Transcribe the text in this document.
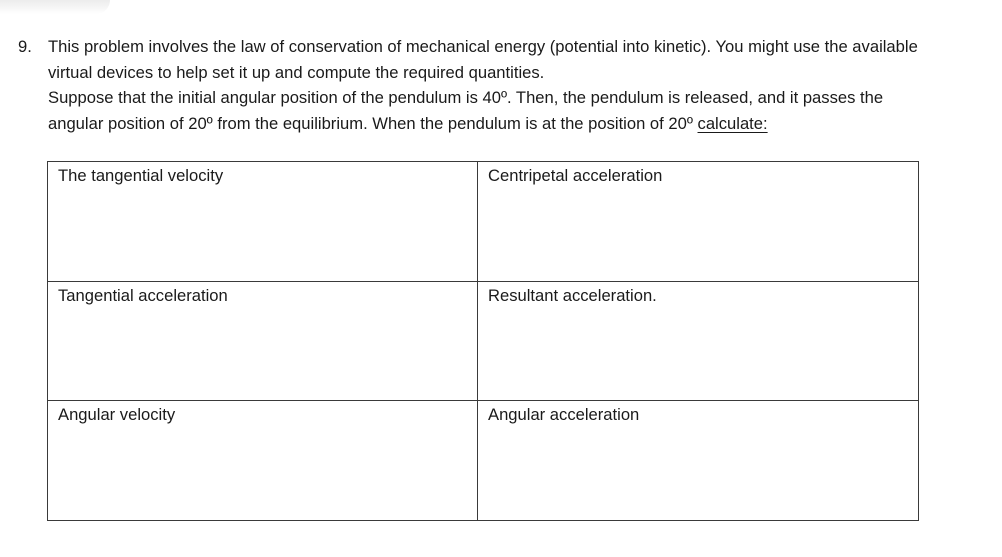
9. This problem involves the law of conservation of mechanical energy (potential into kinetic). You might use the available
virtual devices to help set it up and compute the required quantities.
Suppose that the initial angular position of the pendulum is 40º. Then, the pendulum is released, and it passes the
angular position of 20º from the equilibrium. When the pendulum is at the position of 20º calculate:
The tangential velocity	Centripetal acceleration
Tangential acceleration	Resultant acceleration.
Angular velocity	Angular acceleration
